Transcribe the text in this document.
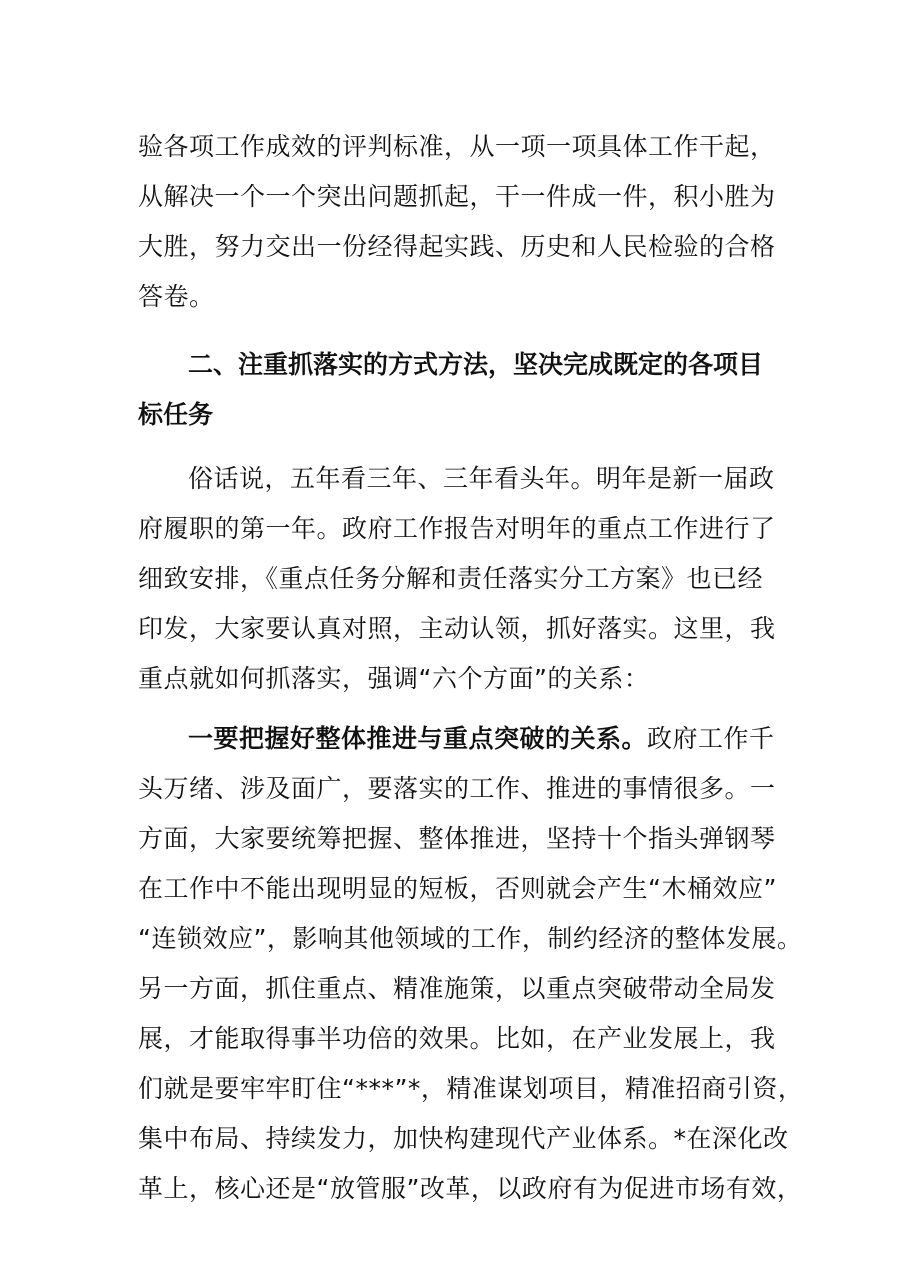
验各项工作成效的评判标准，从一项一项具体工作干起，
从解决一个一个突出问题抓起，干一件成一件，积小胜为
大胜，努力交出一份经得起实践、历史和人民检验的合格
答卷。
二、注重抓落实的方式方法，坚决完成既定的各项目
标任务
俗话说，五年看三年、三年看头年。明年是新一届政
府履职的第一年。政府工作报告对明年的重点工作进行了
细致安排，《重点任务分解和责任落实分工方案》也已经
印发，大家要认真对照，主动认领，抓好落实。这里，我
重点就如何抓落实，强调“六个方面”的关系：
一要把握好整体推进与重点突破的关系。政府工作千
头万绪、涉及面广，要落实的工作、推进的事情很多。一
方面，大家要统筹把握、整体推进，坚持十个指头弹钢琴
在工作中不能出现明显的短板，否则就会产生“木桶效应”
“连锁效应”，影响其他领域的工作，制约经济的整体发展。
另一方面，抓住重点、精准施策，以重点突破带动全局发
展，才能取得事半功倍的效果。比如，在产业发展上，我
们就是要牢牢盯住“***”*，精准谋划项目，精准招商引资，
集中布局、持续发力，加快构建现代产业体系。*在深化改
革上，核心还是“放管服”改革，以政府有为促进市场有效，
